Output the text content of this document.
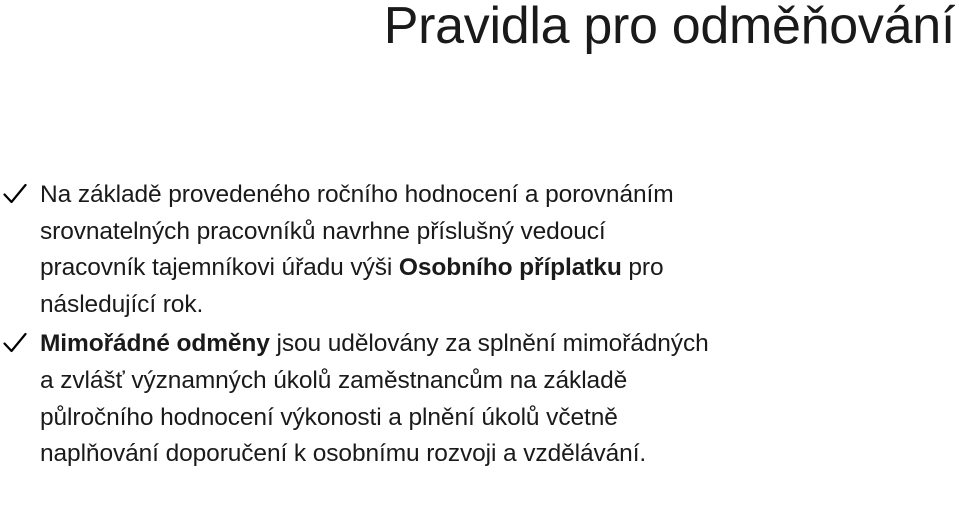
Pravidla pro odměňování
Na základě provedeného ročního hodnocení a porovnáním
srovnatelných pracovníků navrhne příslušný vedoucí
pracovník tajemníkovi úřadu výši Osobního příplatku pro
následující rok.
Mimořádné odměny jsou udělovány za splnění mimořádných
a zvlášť významných úkolů zaměstnancům na základě
půlročního hodnocení výkonosti a plnění úkolů včetně
naplňování doporučení k osobnímu rozvoji a vzdělávání.
